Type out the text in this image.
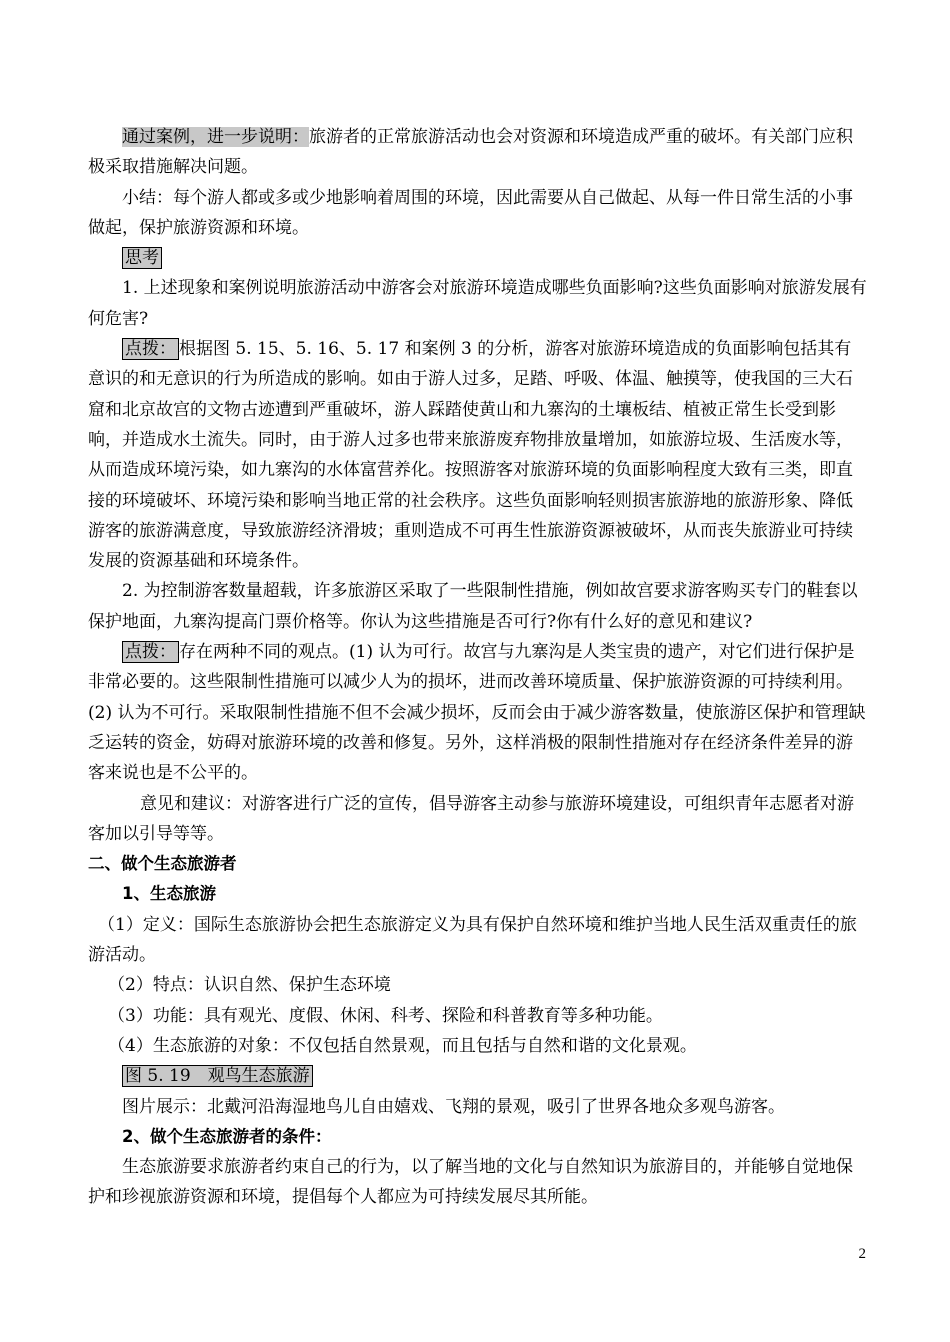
通过案例，进一步说明：旅游者的正常旅游活动也会对资源和环境造成严重的破坏。有关部门应积极采取措施解决问题。

小结：每个游人都或多或少地影响着周围的环境，因此需要从自己做起、从每一件日常生活的小事做起，保护旅游资源和环境。

思考

1. 上述现象和案例说明旅游活动中游客会对旅游环境造成哪些负面影响?这些负面影响对旅游发展有何危害?

点拨： 根据图 5. 15、5. 16、5. 17 和案例 3 的分析，游客对旅游环境造成的负面影响包括其有意识的和无意识的行为所造成的影响。如由于游人过多，足踏、呼吸、体温、触摸等，使我国的三大石窟和北京故宫的文物古迹遭到严重破坏，游人踩踏使黄山和九寨沟的土壤板结、植被正常生长受到影响，并造成水土流失。同时，由于游人过多也带来旅游废弃物排放量增加，如旅游垃圾、生活废水等，从而造成环境污染，如九寨沟的水体富营养化。按照游客对旅游环境的负面影响程度大致有三类，即直接的环境破坏、环境污染和影响当地正常的社会秩序。这些负面影响轻则损害旅游地的旅游形象、降低游客的旅游满意度，导致旅游经济滑坡；重则造成不可再生性旅游资源被破坏，从而丧失旅游业可持续发展的资源基础和环境条件。

2. 为控制游客数量超载，许多旅游区采取了一些限制性措施，例如故宫要求游客购买专门的鞋套以保护地面，九寨沟提高门票价格等。你认为这些措施是否可行?你有什么好的意见和建议?

点拨： 存在两种不同的观点。(1) 认为可行。故宫与九寨沟是人类宝贵的遗产，对它们进行保护是非常必要的。这些限制性措施可以减少人为的损坏，进而改善环境质量、保护旅游资源的可持续利用。(2) 认为不可行。采取限制性措施不但不会减少损坏，反而会由于减少游客数量，使旅游区保护和管理缺乏运转的资金，妨碍对旅游环境的改善和修复。另外，这样消极的限制性措施对存在经济条件差异的游客来说也是不公平的。

意见和建议：对游客进行广泛的宣传，倡导游客主动参与旅游环境建设，可组织青年志愿者对游客加以引导等等。

二、做个生态旅游者

1、生态旅游

（1）定义：国际生态旅游协会把生态旅游定义为具有保护自然环境和维护当地人民生活双重责任的旅游活动。

（2）特点：认识自然、保护生态环境

（3）功能：具有观光、度假、休闲、科考、探险和科普教育等多种功能。

（4）生态旅游的对象：不仅包括自然景观，而且包括与自然和谐的文化景观。

图 5. 19　观鸟生态旅游

图片展示：北戴河沿海湿地鸟儿自由嬉戏、飞翔的景观，吸引了世界各地众多观鸟游客。

2、做个生态旅游者的条件：

生态旅游要求旅游者约束自己的行为，以了解当地的文化与自然知识为旅游目的，并能够自觉地保护和珍视旅游资源和环境，提倡每个人都应为可持续发展尽其所能。

2
